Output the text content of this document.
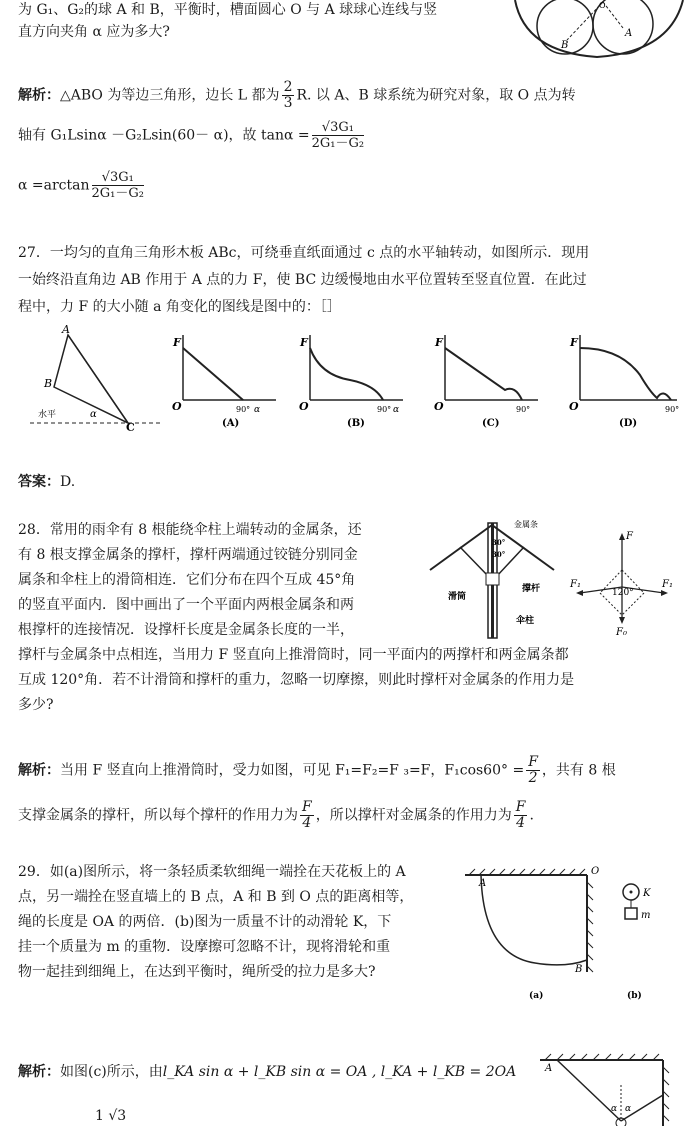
为 G₁、G₂的球 A 和 B，平衡时，槽面圆心 O 与 A 球球心连线与竖
直方向夹角 α 应为多大?
B
A
O
解析：△ABO 为等边三角形，边长 L 都为 $\frac{2}{3} R$. 以 A、B 球系统为研究对象，取 O 点为转
轴有 G₁Lsinα －G₂Lsin(60－ α)，故 $\tan\alpha = \frac{\text{√3G₁}}{\text{2G₁－G₂}}$
$\alpha =\arctan \frac{\text{√3G₁}}{\text{2G₁－G₂}}$
27．一均匀的直角三角形木板 ABc，可绕垂直纸面通过 c 点的水平轴转动，如图所示．现用
一始终沿直角边 AB 作用于 A 点的力 F，使 BC 边缓慢地由水平位置转至竖直位置．在此过
程中，力 F 的大小随 a 角变化的图线是图中的：［］
A
B
C
水平	α
F
O	90° α
(A)
F
O	90° α
(B)
F
O	90°
(C)
F
O	90°
(D)
答案：D.
28．常用的雨伞有 8 根能绕伞柱上端转动的金属条，还
有 8 根支撑金属条的撑杆，撑杆两端通过铰链分别同金
属条和伞柱上的滑筒相连．它们分布在四个互成 45°角
的竖直平面内．图中画出了一个平面内两根金属条和两
根撑杆的连接情况．设撑杆长度是金属条长度的一半，
撑杆与金属条中点相连，当用力 F 竖直向上推滑筒时，同一平面内的两撑杆和两金属条都
互成 120°角．若不计滑筒和撑杆的重力，忽略一切摩擦，则此时撑杆对金属条的作用力是
多少?
金属条
30°
30°
撑杆
滑筒
伞柱
F
F₁	F₁
F₀
120°
解析：当用 F 竖直向上推滑筒时，受力如图，可见 F₁=F₂=F ₃=F，$F_1\cos 60^\circ = \frac{F}{2}$ ，共有 8 根
支撑金属条的撑杆，所以每个撑杆的作用力为 $\frac{F}{4}$ ，所以撑杆对金属条的作用力为 $\frac{F}{4}$ .
29．如(a)图所示，将一条轻质柔软细绳一端拴在天花板上的 A
点，另一端拴在竖直墙上的 B 点，A 和 B 到 O 点的距离相等，
绳的长度是 OA 的两倍．(b)图为一质量不计的动滑轮 K，下
挂一个质量为 m 的重物．设摩擦可忽略不计，现将滑轮和重
物一起挂到细绳上，在达到平衡时，绳所受的拉力是多大?
A
O
B
(a)
K
m
(b)
解析：如图(c)所示，由l_KA sin α + l_KB sin α = OA , l_KA + l_KB = 2OA
1 √3
A
α α
